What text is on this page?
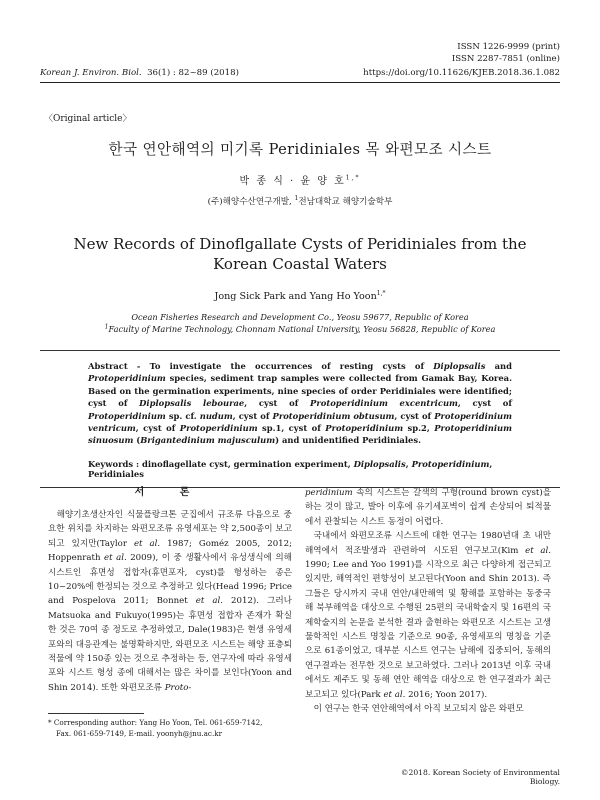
ISSN 1226-9999 (print)
ISSN 2287-7851 (online)
Korean J. Environ. Biol. 36(1) : 82~89 (2018)	https://doi.org/10.11626/KJEB.2018.36.1.082
〈Original article〉
한국 연안해역의 미기록 Peridiniales 목 와편모조 시스트
박 종 식 · 윤 양 호$^{1,*}$
(주)해양수산연구개발, $^1$전남대학교 해양기술학부
New Records of Dinoflgallate Cysts of Peridiniales from the Korean Coastal Waters
Jong Sick Park and Yang Ho Yoon$^{1,*}$
Ocean Fisheries Research and Development Co., Yeosu 59677, Republic of Korea
$^1$Faculty of Marine Technology, Chonnam National University, Yeosu 56828, Republic of Korea
Abstract - To investigate the occurrences of resting cysts of Diplopsalis and Protoperidinium species, sediment trap samples were collected from Gamak Bay, Korea. Based on the germination experiments, nine species of order Peridiniales were identified; cyst of Diplopsalis lebourae, cyst of Protoperidinium excentricum, cyst of Protoperidinium sp. cf. nudum, cyst of Protoperidinium obtusum, cyst of Protoperidinium ventricum, cyst of Protoperidinium sp.1, cyst of Protoperidinium sp.2, Protoperidinium sinuosum (Brigantedinium majusculum) and unidentified Peridiniales.
Keywords : dinoflagellate cyst, germination experiment, Diplopsalis, Protoperidinium, Peridiniales
서 론

해양기초생산자인 식물플랑크톤 군집에서 규조류 다음으로 중요한 위치를 차지하는 와편모조류 유영세포는 약 2,500종이 보고되고 있지만(Taylor et al. 1987; Goméz 2005, 2012; Hoppenrath et al. 2009), 이 중 생활사에서 유성생식에 의해 시스트인 휴면성 접합자(휴면포자, cyst)를 형성하는 종은 10~20%에 한정되는 것으로 추정하고 있다(Head 1996; Price and Pospelova 2011; Bonnet et al. 2012). 그러나 Matsuoka and Fukuyo(1995)는 휴면성 접합자 존재가 확실한 것은 70여 종 정도로 추정하였고, Dale(1983)은 현생 유영세포와의 대응관계는 불명확하지만, 와편모조 시스트는 해양 표층퇴적물에 약 150종 있는 것으로 추정하는 등, 연구자에 따라 유영세포와 시스트 형성 종에 대해서는 많은 차이를 보인다(Yoon and Shin 2014). 또한 와편모조류 Proto-

peridinium 속의 시스트는 갈색의 구형(round brown cyst)을 하는 것이 많고, 발아 이후에 유기세포벽이 쉽게 손상되어 퇴적물에서 관찰되는 시스트 동정이 어렵다.

국내에서 와편모조류 시스트에 대한 연구는 1980년대 초 내만해역에서 적조발생과 관련하여 시도된 연구보고(Kim et al. 1990; Lee and Yoo 1991)를 시작으로 최근 다양하게 접근되고 있지만, 해역적인 편향성이 보고된다(Yoon and Shin 2013). 즉 그들은 당시까지 국내 연안/내만해역 및 황해를 포함하는 동중국해 북부해역을 대상으로 수행된 25편의 국내학술지 및 16편의 국제학술지의 논문을 분석한 결과 출현하는 와편모조 시스트는 고생물학적인 시스트 명칭을 기준으로 90종, 유영세포의 명칭을 기준으로 61종이었고, 대부분 시스트 연구는 남해에 집중되어, 동해의 연구결과는 전무한 것으로 보고하였다. 그러나 2013년 이후 국내에서도 제주도 및 동해 연안 해역을 대상으로 한 연구결과가 최근 보고되고 있다(Park et al. 2016; Yoon 2017).

이 연구는 한국 연안해역에서 아직 보고되지 않은 와편모

* Corresponding author: Yang Ho Yoon, Tel. 061-659-7142,
Fax. 061-659-7149, E-mail. yoonyh@jnu.ac.kr
©2018. Korean Society of Environmental Biology.
